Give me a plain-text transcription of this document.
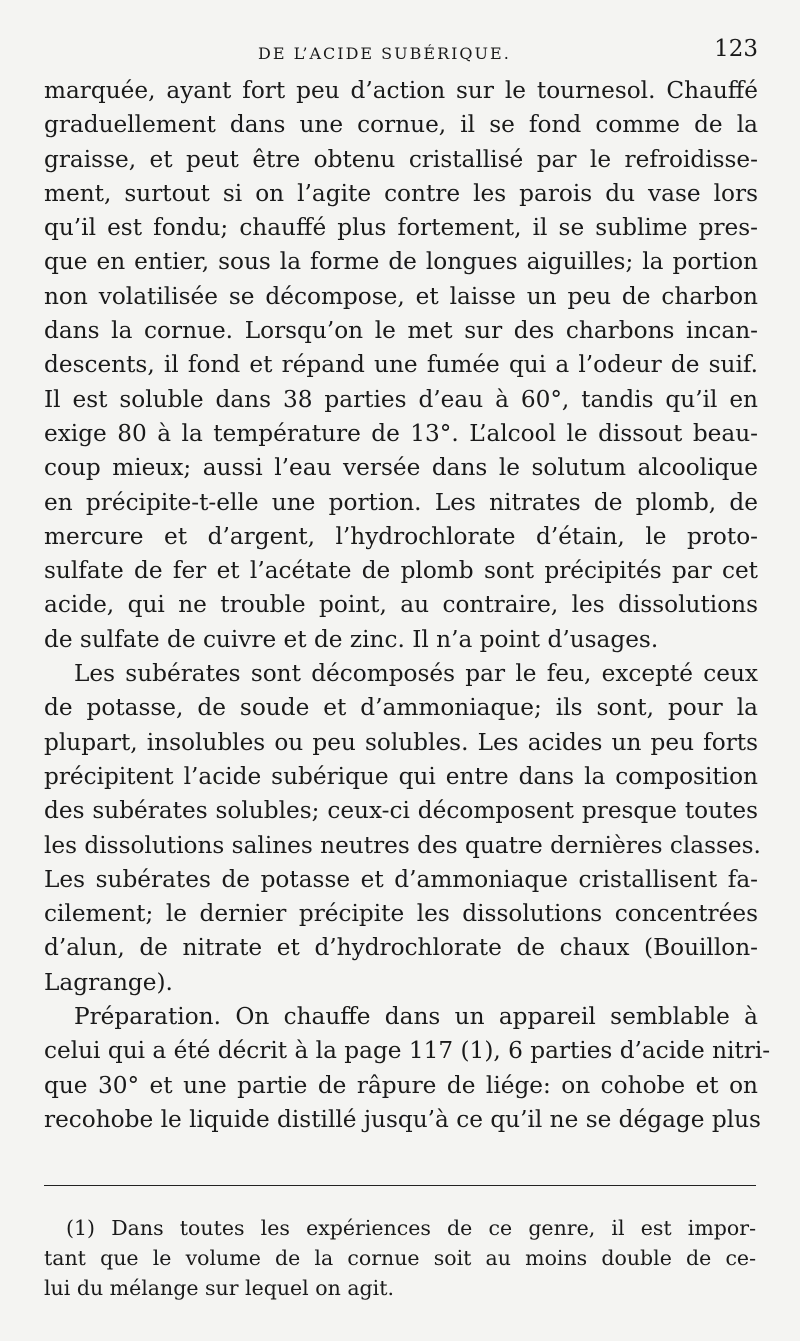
DE L’ACIDE SUBÉRIQUE.	123
marquée, ayant fort peu d’action sur le tournesol. Chauffé
graduellement dans une cornue, il se fond comme de la
graisse, et peut être obtenu cristallisé par le refroidisse-
ment, surtout si on l’agite contre les parois du vase lors
qu’il est fondu; chauffé plus fortement, il se sublime pres-
que en entier, sous la forme de longues aiguilles; la portion
non volatilisée se décompose, et laisse un peu de charbon
dans la cornue. Lorsqu’on le met sur des charbons incan-
descents, il fond et répand une fumée qui a l’odeur de suif.
Il est soluble dans 38 parties d’eau à 60°, tandis qu’il en
exige 80 à la température de 13°. L’alcool le dissout beau-
coup mieux; aussi l’eau versée dans le solutum alcoolique
en précipite-t-elle une portion. Les nitrates de plomb, de
mercure et d’argent, l’hydrochlorate d’étain, le proto-
sulfate de fer et l’acétate de plomb sont précipités par cet
acide, qui ne trouble point, au contraire, les dissolutions
de sulfate de cuivre et de zinc. Il n’a point d’usages.
Les subérates sont décomposés par le feu, excepté ceux
de potasse, de soude et d’ammoniaque; ils sont, pour la
plupart, insolubles ou peu solubles. Les acides un peu forts
précipitent l’acide subérique qui entre dans la composition
des subérates solubles; ceux-ci décomposent presque toutes
les dissolutions salines neutres des quatre dernières classes.
Les subérates de potasse et d’ammoniaque cristallisent fa-
cilement; le dernier précipite les dissolutions concentrées
d’alun, de nitrate et d’hydrochlorate de chaux (Bouillon-
Lagrange).
Préparation. On chauffe dans un appareil semblable à
celui qui a été décrit à la page 117 (1), 6 parties d’acide nitri-
que 30° et une partie de râpure de liége: on cohobe et on
recohobe le liquide distillé jusqu’à ce qu’il ne se dégage plus
(1) Dans toutes les expériences de ce genre, il est impor-
tant que le volume de la cornue soit au moins double de ce-
lui du mélange sur lequel on agit.
